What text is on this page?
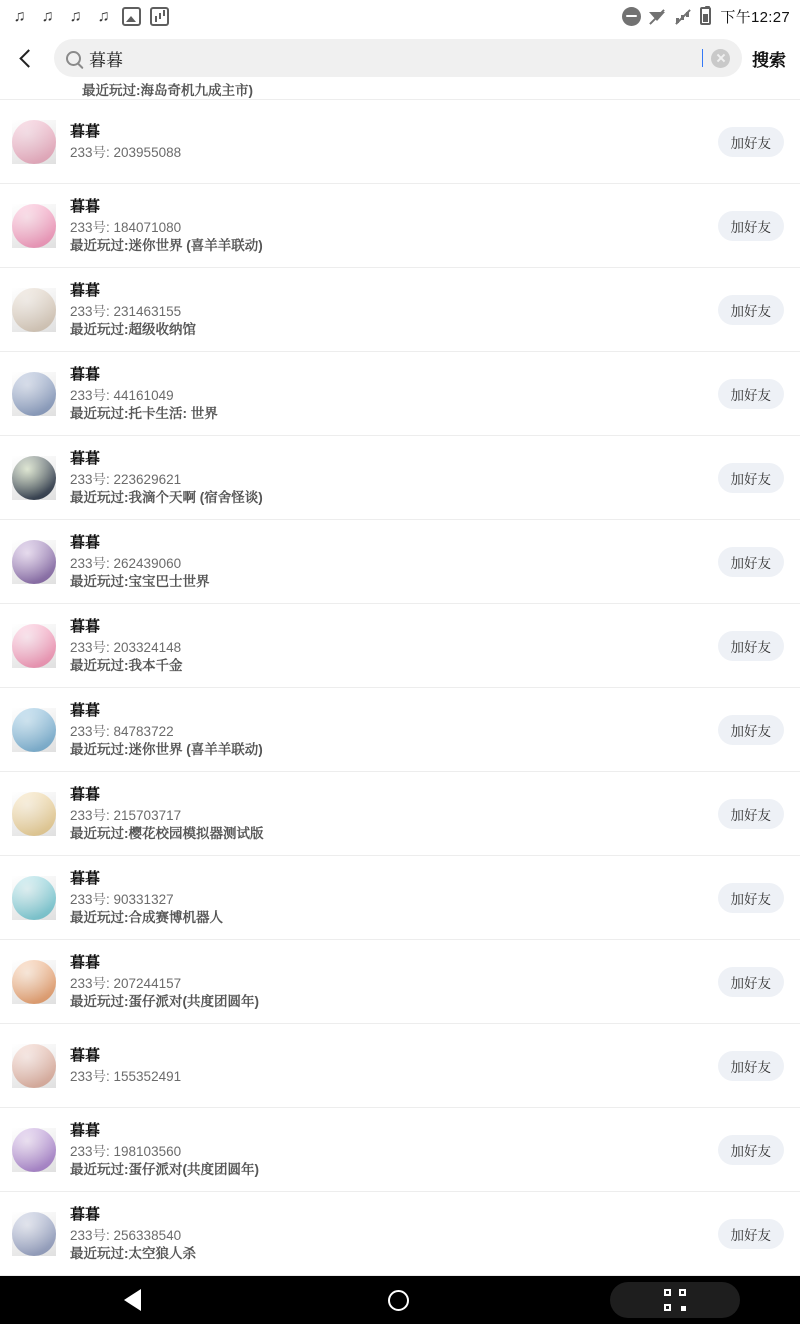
♫ ♫ ♫ ♫	下午12:27
暮暮	搜索
最近玩过:海岛奇机九成主市)
暮暮
233号: 203955088
加好友
暮暮
233号: 184071080
最近玩过:迷你世界 (喜羊羊联动)
加好友
暮暮
233号: 231463155
最近玩过:超级收纳馆
加好友
暮暮
233号: 44161049
最近玩过:托卡生活: 世界
加好友
暮暮
233号: 223629621
最近玩过:我滴个天啊 (宿舍怪谈)
加好友
暮暮
233号: 262439060
最近玩过:宝宝巴士世界
加好友
暮暮
233号: 203324148
最近玩过:我本千金
加好友
暮暮
233号: 84783722
最近玩过:迷你世界 (喜羊羊联动)
加好友
暮暮
233号: 215703717
最近玩过:樱花校园模拟器测试版
加好友
暮暮
233号: 90331327
最近玩过:合成赛博机器人
加好友
暮暮
233号: 207244157
最近玩过:蛋仔派对(共度团圆年)
加好友
暮暮
233号: 155352491
加好友
暮暮
233号: 198103560
最近玩过:蛋仔派对(共度团圆年)
加好友
暮暮
233号: 256338540
最近玩过:太空狼人杀
加好友
